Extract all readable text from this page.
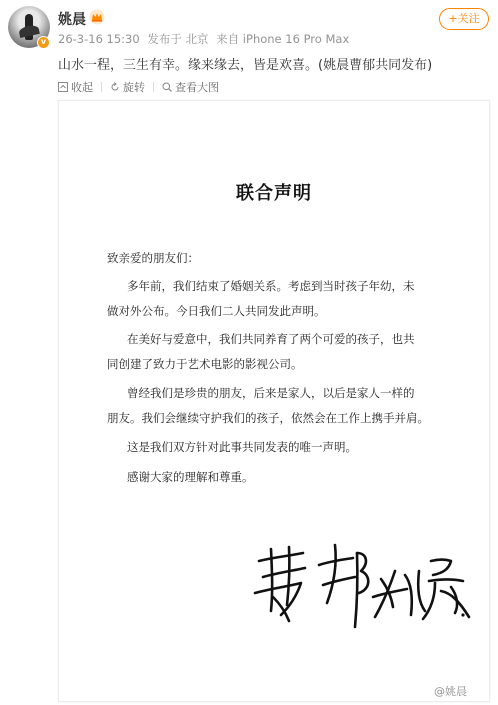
v
姚晨
26-3-16 15:30 发布于 北京 来自 iPhone 16 Pro Max
+关注
山水一程，三生有幸。缘来缘去，皆是欢喜。(姚晨曹郁共同发布)
收起	旋转	查看大图
联合声明
致亲爱的朋友们：
多年前，我们结束了婚姻关系。考虑到当时孩子年幼，未
做对外公布。今日我们二人共同发此声明。
在美好与爱意中，我们共同养育了两个可爱的孩子，也共
同创建了致力于艺术电影的影视公司。
曾经我们是珍贵的朋友，后来是家人，以后是家人一样的
朋友。我们会继续守护我们的孩子，依然会在工作上携手并肩。
这是我们双方针对此事共同发表的唯一声明。
感谢大家的理解和尊重。
@姚晨
